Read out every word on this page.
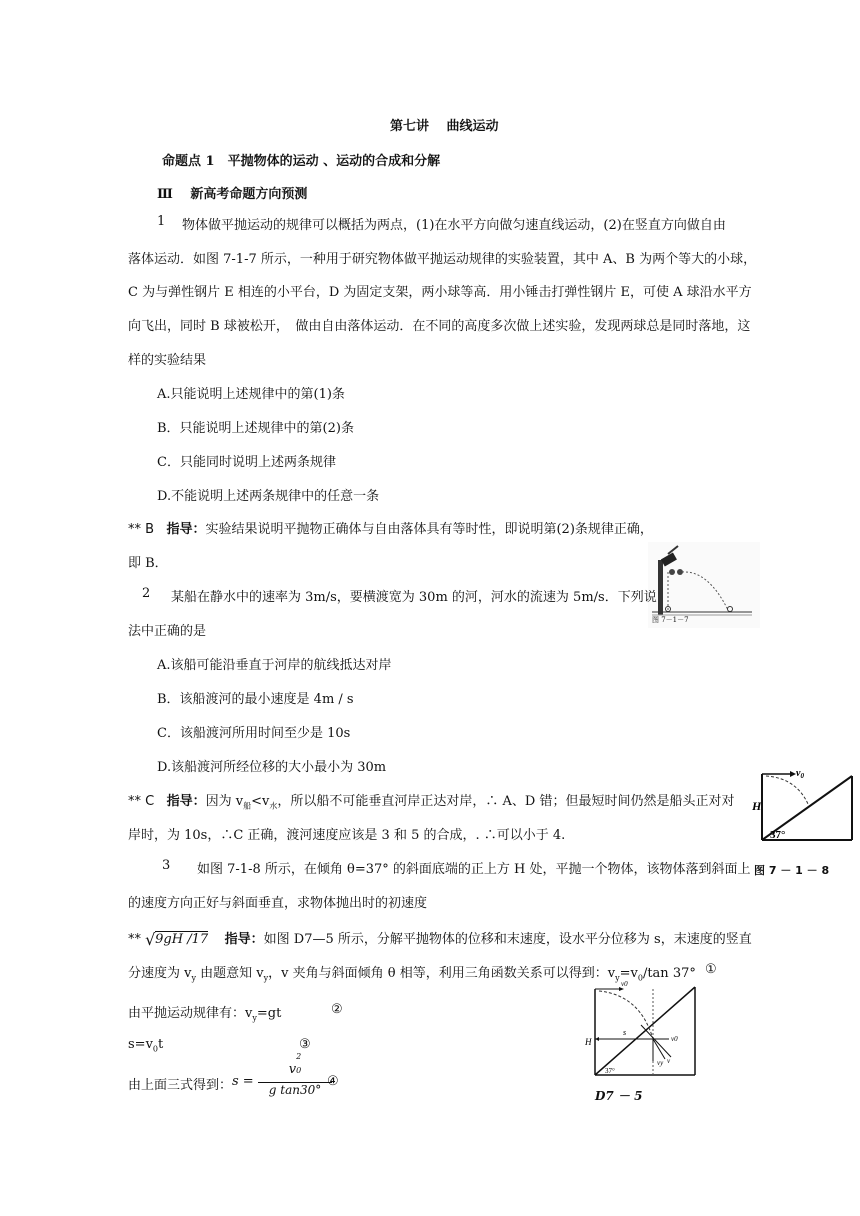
第七讲　 曲线运动
命题点 1　平抛物体的运动 、运动的合成和分解
Ⅲ　 新高考命题方向预测
1 物体做平抛运动的规律可以概括为两点，(1)在水平方向做匀速直线运动，(2)在竖直方向做自由
落体运动．如图 7-1-7 所示，一种用于研究物体做平抛运动规律的实验装置，其中 A、B 为两个等大的小球，
C 为与弹性钢片 E 相连的小平台，D 为固定支架，两小球等高．用小锤击打弹性钢片 E，可使 A 球沿水平方
向飞出，同时 B 球被松开，　做由自由落体运动．在不同的高度多次做上述实验，发现两球总是同时落地，这
样的实验结果
A.只能说明上述规律中的第(1)条
B．只能说明上述规律中的第(2)条
C．只能同时说明上述两条规律
D.不能说明上述两条规律中的任意一条
** B 指导：实验结果说明平抛物正确体与自由落体具有等时性，即说明第(2)条规律正确，
即 B．
图 7－1－7
2 某船在静水中的速率为 3m/s，要横渡宽为 30m 的河，河水的流速为 5m/s．下列说
法中正确的是
A.该船可能沿垂直于河岸的航线抵达对岸
B．该船渡河的最小速度是 4m / s
C．该船渡河所用时间至少是 10s
D.该船渡河所经位移的大小最小为 30m
** C 指导：因为 $v_船<v_水$，所以船不可能垂直河岸正达对岸，∴ A、D 错；但最短时间仍然是船头正对对
岸时，为 10s，∴C 正确，渡河速度应该是 3 和 5 的合成，. ∴可以小于 4.
H
$v_0$
37°
图 7 － 1 － 8
3 如图 7-1-8 所示，在倾角 θ=37° 的斜面底端的正上方 H 处，平抛一个物体，该物体落到斜面上
的速度方向正好与斜面垂直，求物体抛出时的初速度
** √ 9gH /17 指导：如图 D7—5 所示，分解平抛物体的位移和末速度，设水平分位移为 s，末速度的竖直
分速度为 $v_y$ 由题意知 $v_y$，v 夹角与斜面倾角 θ 相等，利用三角函数关系可以得到：$v_y=v_0/\tan$ 37° ①
由平抛运动规律有：$v_y=gt$	②
$s=v_0t$	③
由上面三式得到： s =
v
2
0
g tan30°
④
v0
H
s
v0
vy v
37°
D7 － 5
